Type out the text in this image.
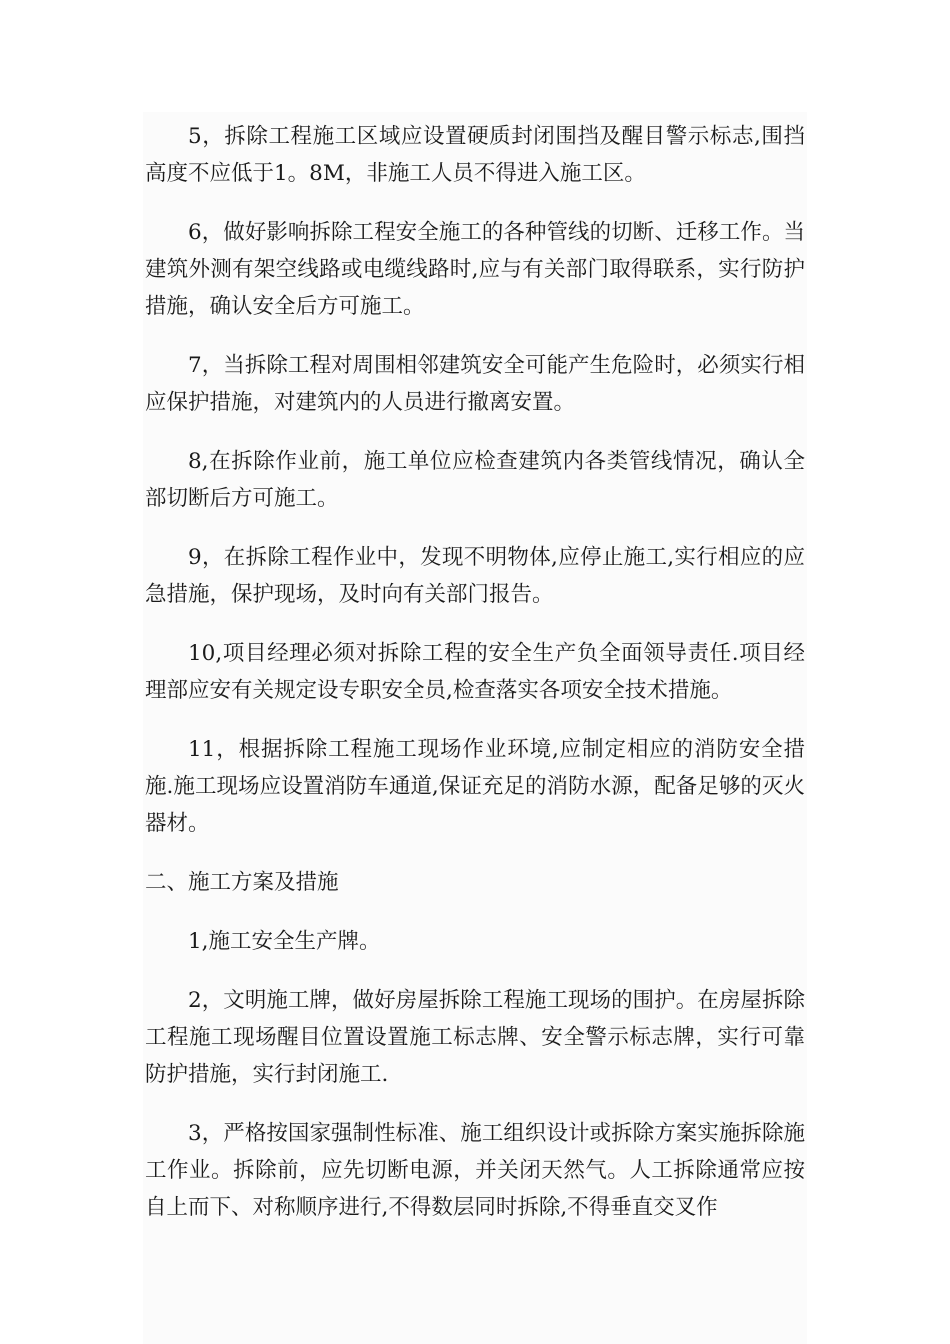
5，拆除工程施工区域应设置硬质封闭围挡及醒目警示标志,围挡高度不应低于1。8M，非施工人员不得进入施工区。

6，做好影响拆除工程安全施工的各种管线的切断、迁移工作。当建筑外测有架空线路或电缆线路时,应与有关部门取得联系，实行防护措施，确认安全后方可施工。

7，当拆除工程对周围相邻建筑安全可能产生危险时，必须实行相应保护措施，对建筑内的人员进行撤离安置。

8,在拆除作业前，施工单位应检查建筑内各类管线情况，确认全部切断后方可施工。

9，在拆除工程作业中，发现不明物体,应停止施工,实行相应的应急措施，保护现场，及时向有关部门报告。

10,项目经理必须对拆除工程的安全生产负全面领导责任.项目经理部应安有关规定设专职安全员,检查落实各项安全技术措施。

11，根据拆除工程施工现场作业环境,应制定相应的消防安全措施.施工现场应设置消防车通道,保证充足的消防水源，配备足够的灭火器材。

二、施工方案及措施

1,施工安全生产牌。

2，文明施工牌，做好房屋拆除工程施工现场的围护。在房屋拆除工程施工现场醒目位置设置施工标志牌、安全警示标志牌，实行可靠防护措施，实行封闭施工.

3，严格按国家强制性标准、施工组织设计或拆除方案实施拆除施工作业。拆除前，应先切断电源，并关闭天然气。人工拆除通常应按自上而下、对称顺序进行,不得数层同时拆除,不得垂直交叉作
